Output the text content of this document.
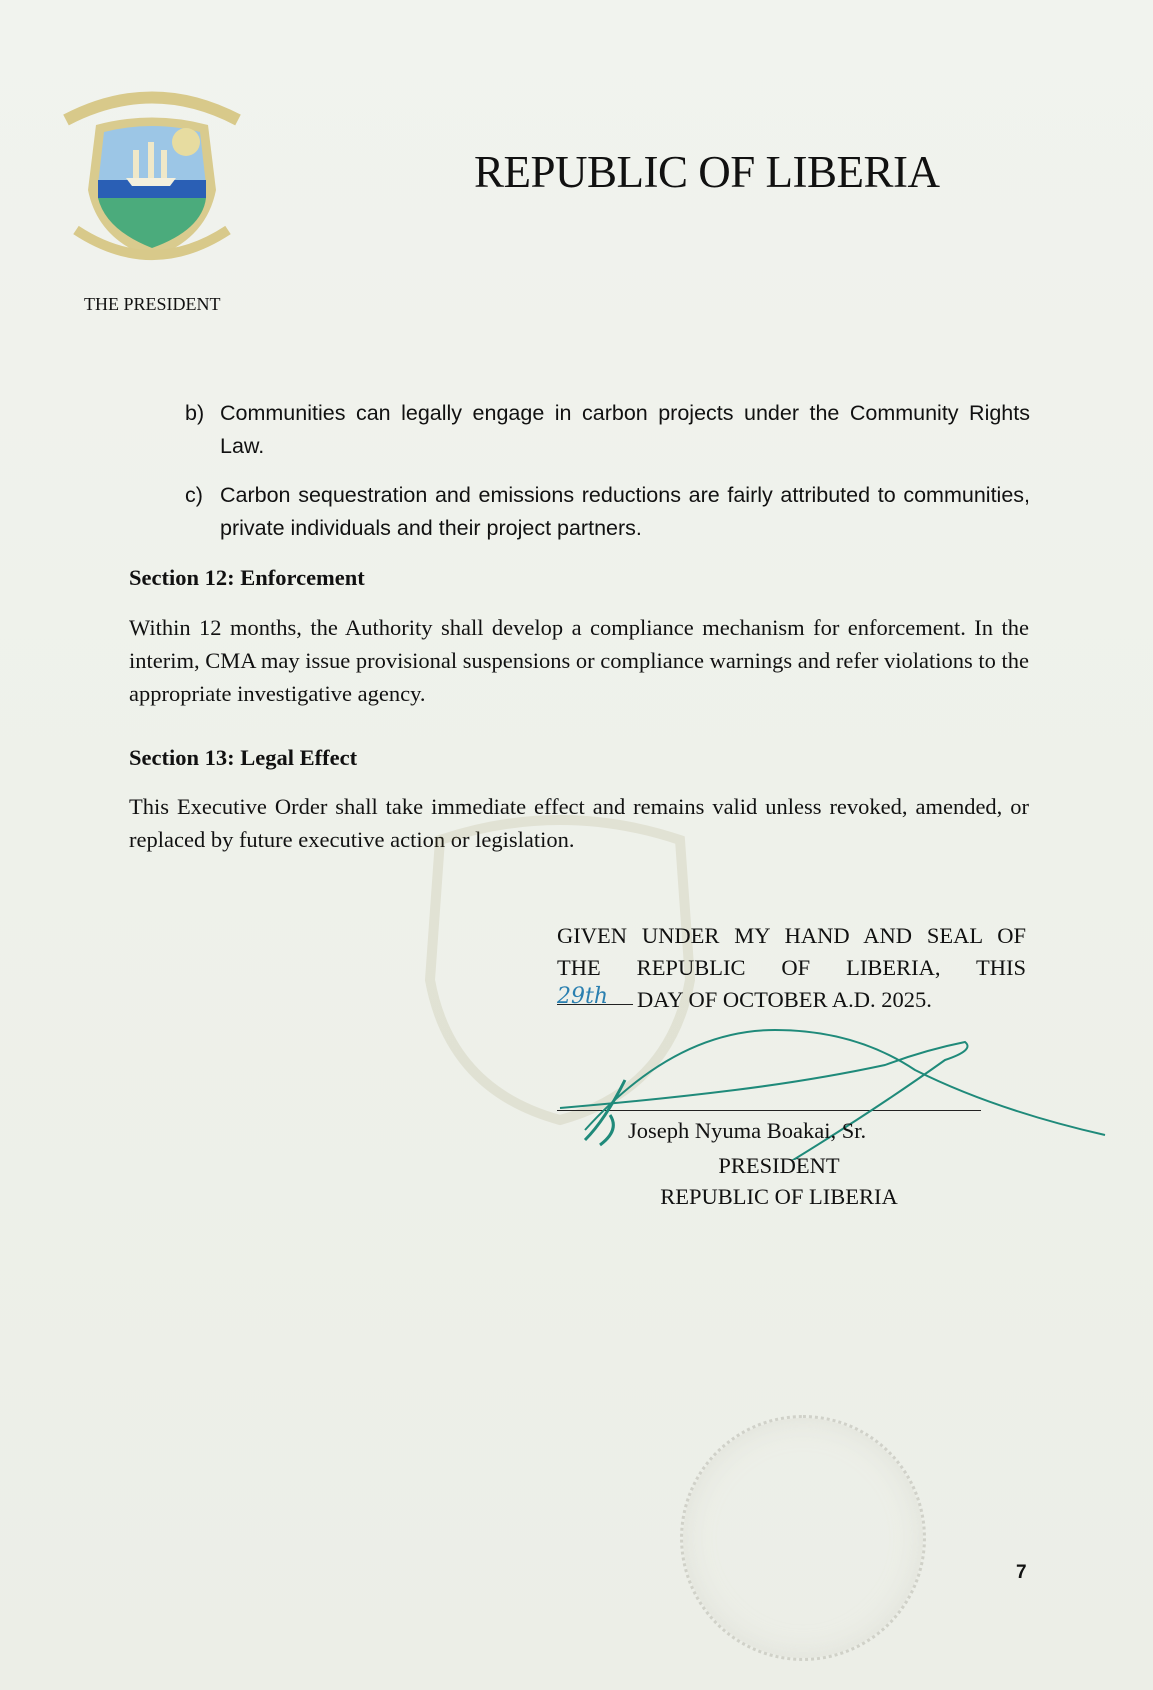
THE PRESIDENT
REPUBLIC OF LIBERIA
b) Communities can legally engage in carbon projects under the Community Rights Law.
c) Carbon sequestration and emissions reductions are fairly attributed to communities, private individuals and their project partners.
Section 12: Enforcement
Within 12 months, the Authority shall develop a compliance mechanism for enforcement. In the interim, CMA may issue provisional suspensions or compliance warnings and refer violations to the appropriate investigative agency.
Section 13: Legal Effect
This Executive Order shall take immediate effect and remains valid unless revoked, amended, or replaced by future executive action or legislation.
GIVEN UNDER MY HAND AND SEAL OF
THE REPUBLIC OF LIBERIA, THIS
29th DAY OF OCTOBER A.D. 2025.
Joseph Nyuma Boakai, Sr.
PRESIDENT
REPUBLIC OF LIBERIA
7
